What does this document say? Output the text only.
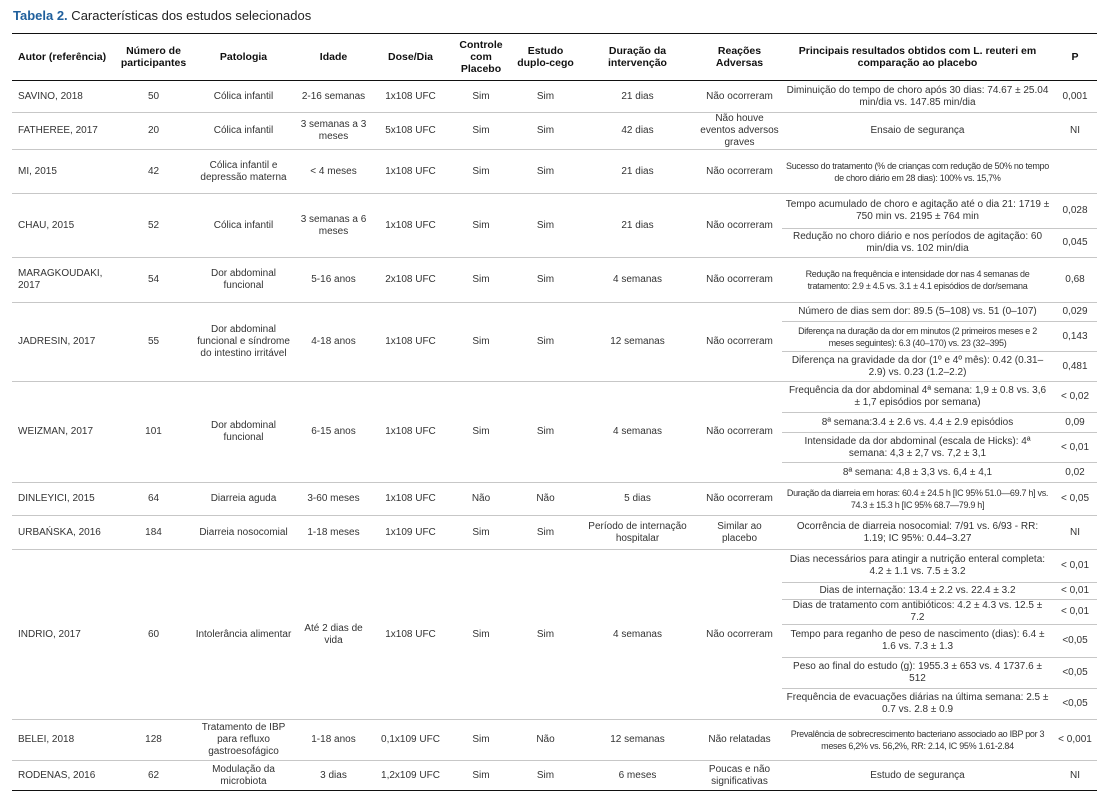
Tabela 2. Características dos estudos selecionados
Autor (referência)	Número de participantes	Patologia	Idade	Dose/Dia	Controle com Placebo	Estudo duplo-cego	Duração da intervenção	Reações Adversas	Principais resultados obtidos com L. reuteri em comparação ao placebo	P
SAVINO, 2018	50	Cólica infantil	2-16 semanas	1x108 UFC	Sim	Sim	21 dias	Não ocorreram	Diminuição do tempo de choro após 30 dias: 74.67 ± 25.04 min/dia vs. 147.85 min/dia	0,001
FATHEREE, 2017	20	Cólica infantil	3 semanas a 3 meses	5x108 UFC	Sim	Sim	42 dias	Não houve eventos adversos graves	Ensaio de segurança	NI
MI, 2015	42	Cólica infantil e depressão materna	< 4 meses	1x108 UFC	Sim	Sim	21 dias	Não ocorreram	Sucesso do tratamento (% de crianças com redução de 50% no tempo de choro diário em 28 dias): 100% vs. 15,7%	
CHAU, 2015	52	Cólica infantil	3 semanas a 6 meses	1x108 UFC	Sim	Sim	21 dias	Não ocorreram	Tempo acumulado de choro e agitação até o dia 21: 1719 ± 750 min vs. 2195 ± 764 min	0,028
									Redução no choro diário e nos períodos de agitação: 60 min/dia vs. 102 min/dia	0,045
MARAGKOUDAKI, 2017	54	Dor abdominal funcional	5-16 anos	2x108 UFC	Sim	Sim	4 semanas	Não ocorreram	Redução na frequência e intensidade dor nas 4 semanas de tratamento: 2.9 ± 4.5 vs. 3.1 ± 4.1 episódios de dor/semana	0,68
JADRESIN, 2017	55	Dor abdominal funcional e síndrome do intestino irritável	4-18 anos	1x108 UFC	Sim	Sim	12 semanas	Não ocorreram	Número de dias sem dor: 89.5 (5–108) vs. 51 (0–107)	0,029
									Diferença na duração da dor em minutos (2 primeiros meses e 2 meses seguintes): 6.3 (40–170) vs. 23 (32–395)	0,143
									Diferença na gravidade da dor (1º e 4º mês): 0.42 (0.31–2.9) vs. 0.23 (1.2–2.2)	0,481
WEIZMAN, 2017	101	Dor abdominal funcional	6-15 anos	1x108 UFC	Sim	Sim	4 semanas	Não ocorreram	Frequência da dor abdominal 4ª semana: 1,9 ± 0.8 vs. 3,6 ± 1,7 episódios por semana)	< 0,02
									8ª semana:3.4 ± 2.6 vs. 4.4 ± 2.9 episódios	0,09
									Intensidade da dor abdominal (escala de Hicks): 4ª semana: 4,3 ± 2,7 vs. 7,2 ± 3,1	< 0,01
									8ª semana: 4,8 ± 3,3 vs. 6,4 ± 4,1	0,02
DINLEYICI, 2015	64	Diarreia aguda	3-60 meses	1x108 UFC	Não	Não	5 dias	Não ocorreram	Duração da diarreia em horas: 60.4 ± 24.5 h [IC 95% 51.0—69.7 h] vs. 74.3 ± 15.3 h [IC 95% 68.7—79.9 h]	< 0,05
URBAŃSKA, 2016	184	Diarreia nosocomial	1-18 meses	1x109 UFC	Sim	Sim	Período de internação hospitalar	Similar ao placebo	Ocorrência de diarreia nosocomial: 7/91 vs. 6/93 - RR: 1.19; IC 95%: 0.44–3.27	NI
INDRIO, 2017	60	Intolerância alimentar	Até 2 dias de vida	1x108 UFC	Sim	Sim	4 semanas	Não ocorreram	Dias necessários para atingir a nutrição enteral completa: 4.2 ± 1.1 vs. 7.5 ± 3.2	< 0,01
									Dias de internação: 13.4 ± 2.2 vs. 22.4 ± 3.2	< 0,01
									Dias de tratamento com antibióticos: 4.2 ± 4.3 vs. 12.5 ± 7.2	< 0,01
									Tempo para reganho de peso de nascimento (dias): 6.4 ± 1.6 vs. 7.3 ± 1.3	<0,05
									Peso ao final do estudo (g): 1955.3 ± 653 vs. 4 1737.6 ± 512	<0,05
									Frequência de evacuações diárias na última semana: 2.5 ± 0.7 vs. 2.8 ± 0.9	<0,05
BELEI, 2018	128	Tratamento de IBP para refluxo gastroesofágico	1-18 anos	0,1x109 UFC	Sim	Não	12 semanas	Não relatadas	Prevalência de sobrecrescimento bacteriano associado ao IBP por 3 meses 6,2% vs. 56,2%, RR: 2.14, IC 95% 1.61-2.84	< 0,001
RODENAS, 2016	62	Modulação da microbiota	3 dias	1,2x109 UFC	Sim	Sim	6 meses	Poucas e não significativas	Estudo de segurança	NI
